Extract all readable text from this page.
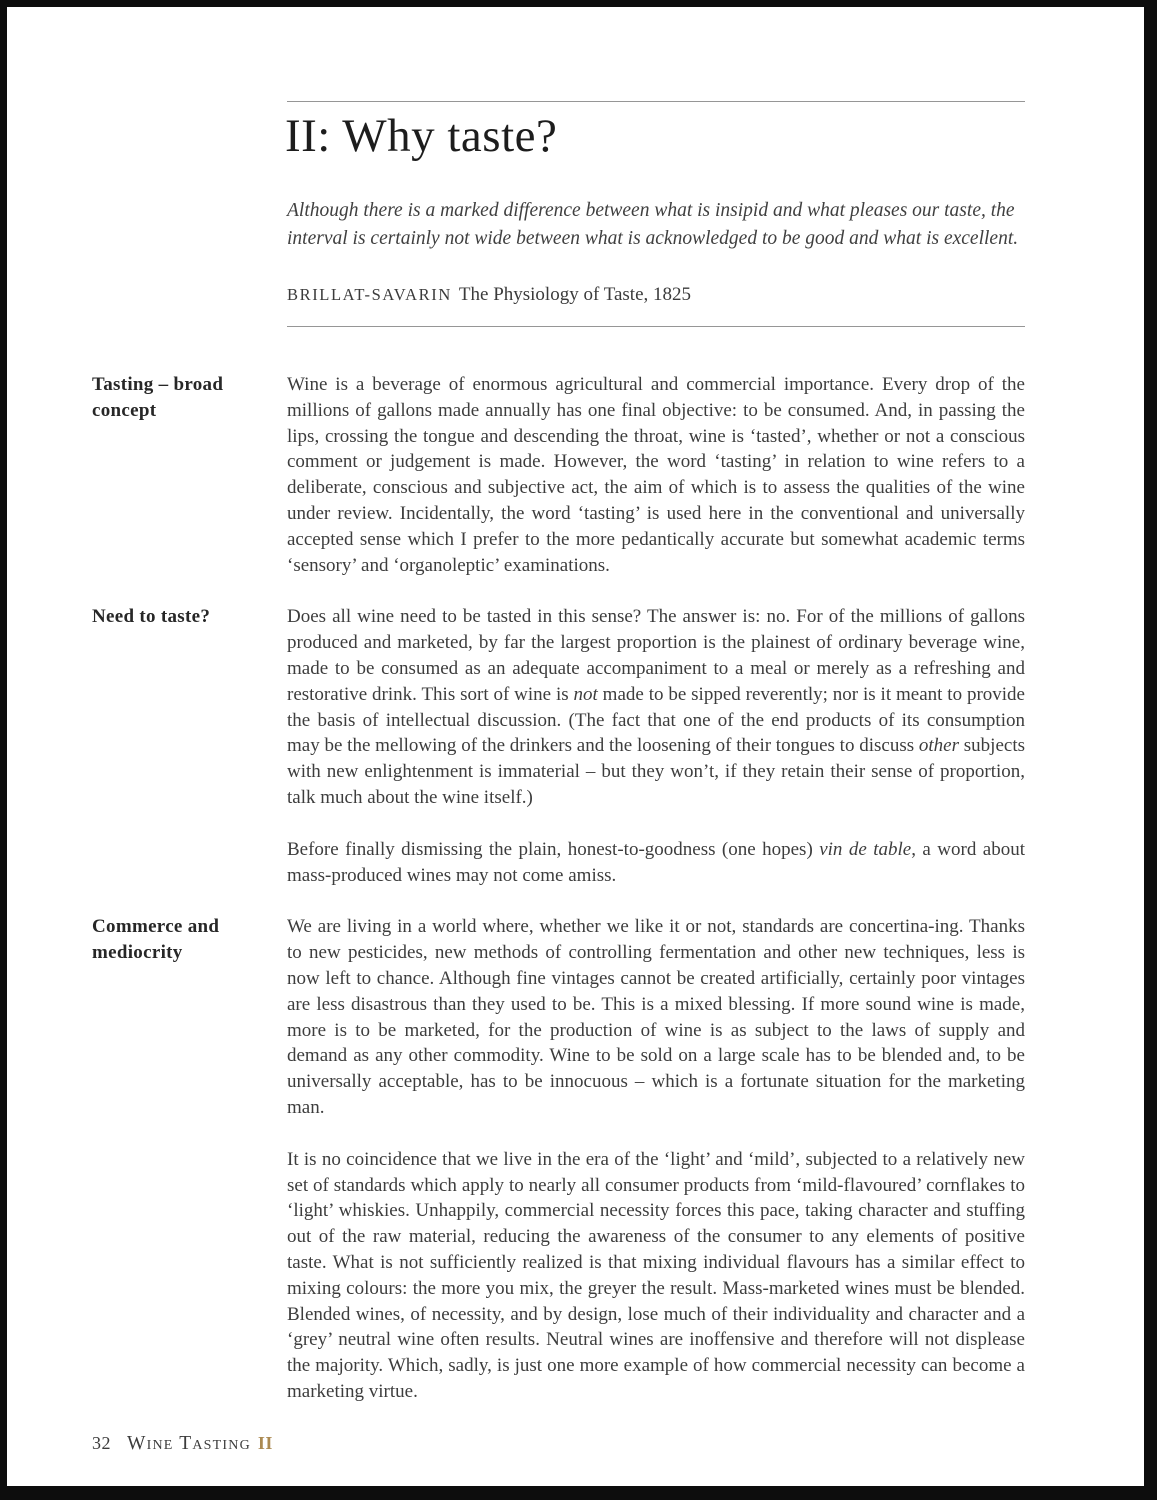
II: Why taste?

Although there is a marked difference between what is insipid and what pleases our taste, the interval is certainly not wide between what is acknowledged to be good and what is excellent.

BRILLAT-SAVARIN The Physiology of Taste, 1825
Tasting – broad concept

Wine is a beverage of enormous agricultural and commercial importance. Every drop of the millions of gallons made annually has one final objective: to be consumed. And, in passing the lips, crossing the tongue and descending the throat, wine is ‘tasted’, whether or not a conscious comment or judgement is made. However, the word ‘tasting’ in relation to wine refers to a deliberate, conscious and subjective act, the aim of which is to assess the qualities of the wine under review. Incidentally, the word ‘tasting’ is used here in the conventional and universally accepted sense which I prefer to the more pedantically accurate but somewhat academic terms ‘sensory’ and ‘organoleptic’ examinations.

Need to taste?	Does all wine need to be tasted in this sense? The answer is: no. For of the millions of gallons produced and marketed, by far the largest proportion is the plainest of ordinary beverage wine, made to be consumed as an adequate accompaniment to a meal or merely as a refreshing and restorative drink. This sort of wine is not made to be sipped reverently; nor is it meant to provide the basis of intellectual discussion. (The fact that one of the end products of its consumption may be the mellowing of the drinkers and the loosening of their tongues to discuss other subjects with new enlightenment is immaterial – but they won’t, if they retain their sense of proportion, talk much about the wine itself.)

Before finally dismissing the plain, honest-to-goodness (one hopes) vin de table, a word about mass-produced wines may not come amiss.

Commerce and mediocrity

We are living in a world where, whether we like it or not, standards are concertina-ing. Thanks to new pesticides, new methods of controlling fermentation and other new techniques, less is now left to chance. Although fine vintages cannot be created artificially, certainly poor vintages are less disastrous than they used to be. This is a mixed blessing. If more sound wine is made, more is to be marketed, for the production of wine is as subject to the laws of supply and demand as any other commodity. Wine to be sold on a large scale has to be blended and, to be universally acceptable, has to be innocuous – which is a fortunate situation for the marketing man.

It is no coincidence that we live in the era of the ‘light’ and ‘mild’, subjected to a relatively new set of standards which apply to nearly all consumer products from ‘mild-flavoured’ cornflakes to ‘light’ whiskies. Unhappily, commercial necessity forces this pace, taking character and stuffing out of the raw material, reducing the awareness of the consumer to any elements of positive taste. What is not sufficiently realized is that mixing individual flavours has a similar effect to mixing colours: the more you mix, the greyer the result. Mass-marketed wines must be blended. Blended wines, of necessity, and by design, lose much of their individuality and character and a ‘grey’ neutral wine often results. Neutral wines are inoffensive and therefore will not displease the majority. Which, sadly, is just one more example of how commercial necessity can become a marketing virtue.

32 Wine Tasting II
